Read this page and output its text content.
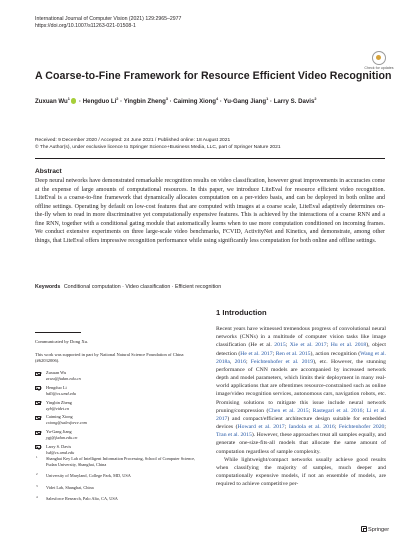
International Journal of Computer Vision (2021) 129:2965–2977
https://doi.org/10.1007/s11263-021-01508-1
Check for updates
A Coarse-to-Fine Framework for Resource Efficient Video Recognition
Zuxuan $Wu^1$ · Hengduo $Li^2$ · Yingbin Zheng$^3$ · Caiming Xiong$^4$ · Yu-Gang Jiang$^1$ · Larry S. Davis$^2$
Received: 9 December 2020 / Accepted: 24 June 2021 / Published online: 18 August 2021
© The Author(s), under exclusive licence to Springer Science+Business Media, LLC, part of Springer Nature 2021
Abstract
Deep neural networks have demonstrated remarkable recognition results on video classification, however great improvements in accuracies come at the expense of large amounts of computational resources. In this paper, we introduce LiteEval for resource efficient video recognition. LiteEval is a coarse-to-fine framework that dynamically allocates computation on a per-video basis, and can be deployed in both online and offline settings. Operating by default on low-cost features that are computed with images at a coarse scale, LiteEval adaptively determines on-the-fly when to read in more discriminative yet computationally expensive features. This is achieved by the interactions of a coarse RNN and a fine RNN, together with a conditional gating module that automatically learns when to use more computation conditioned on incoming frames. We conduct extensive experiments on three large-scale video benchmarks, FCVID, ActivityNet and Kinetics, and demonstrate, among other things, that LiteEval offers impressive recognition performance while using significantly less computation for both online and offline settings.
Keywords Conditional computation · Video classification · Efficient recognition
1 Introduction

Recent years have witnessed tremendous progress of convolutional neural networks (CNNs) in a multitude of computer vision tasks like image classification (He et al. 2015; Xie et al. 2017; Hu et al. 2018), object detection (He et al. 2017; Ren et al. 2015), action recognition (Wang et al. 2018a, 2016; Feichtenhofer et al. 2019), etc. However, the stunning performance of CNN models are accompanied by increased network depth and model parameters, which limits their deployment in many real-world applications that are oftentimes resource-constrained such as online image/video recognition services, autonomous cars, navigation robots, etc. Promising solutions to mitigate this issue include neural network pruning/compression (Chen et al. 2015; Rastegari et al. 2016; Li et al. 2017) and compact/efficient architecture design suitable for embedded devices (Howard et al. 2017; Iandola et al. 2016; Feichtenhofer 2020; Tran et al. 2015). However, these approaches treat all samples equally, and generate one-size-fits-all models that allocate the same amount of computation regardless of sample complexity.

While lightweight/compact networks usually achieve good results when classifying the majority of samples, much deeper and computationally expensive models, if not an ensemble of models, are required to achieve competitive per-

Communicated by Dong Xu.
This work was supported in part by National Natural Science Foundation of China (#62032006).
Zuxuan Wu
zxwu@fudan.edu.cn
Hengduo Li
hdli@cs.umd.edu
Yingbin Zheng
zyb@videt.cn
Caiming Xiong
cxiong@salesforce.com
Yu-Gang Jiang
ygj@fudan.edu.cn
Larry S. Davis
lsd@cs.umd.edu
1 Shanghai Key Lab of Intelligent Information Processing, School of Computer Science, Fudan University, Shanghai, China
2 University of Maryland, College Park, MD, USA
3 Videt Lab, Shanghai, China
4 Salesforce Research, Palo Alto, CA, USA
Springer
